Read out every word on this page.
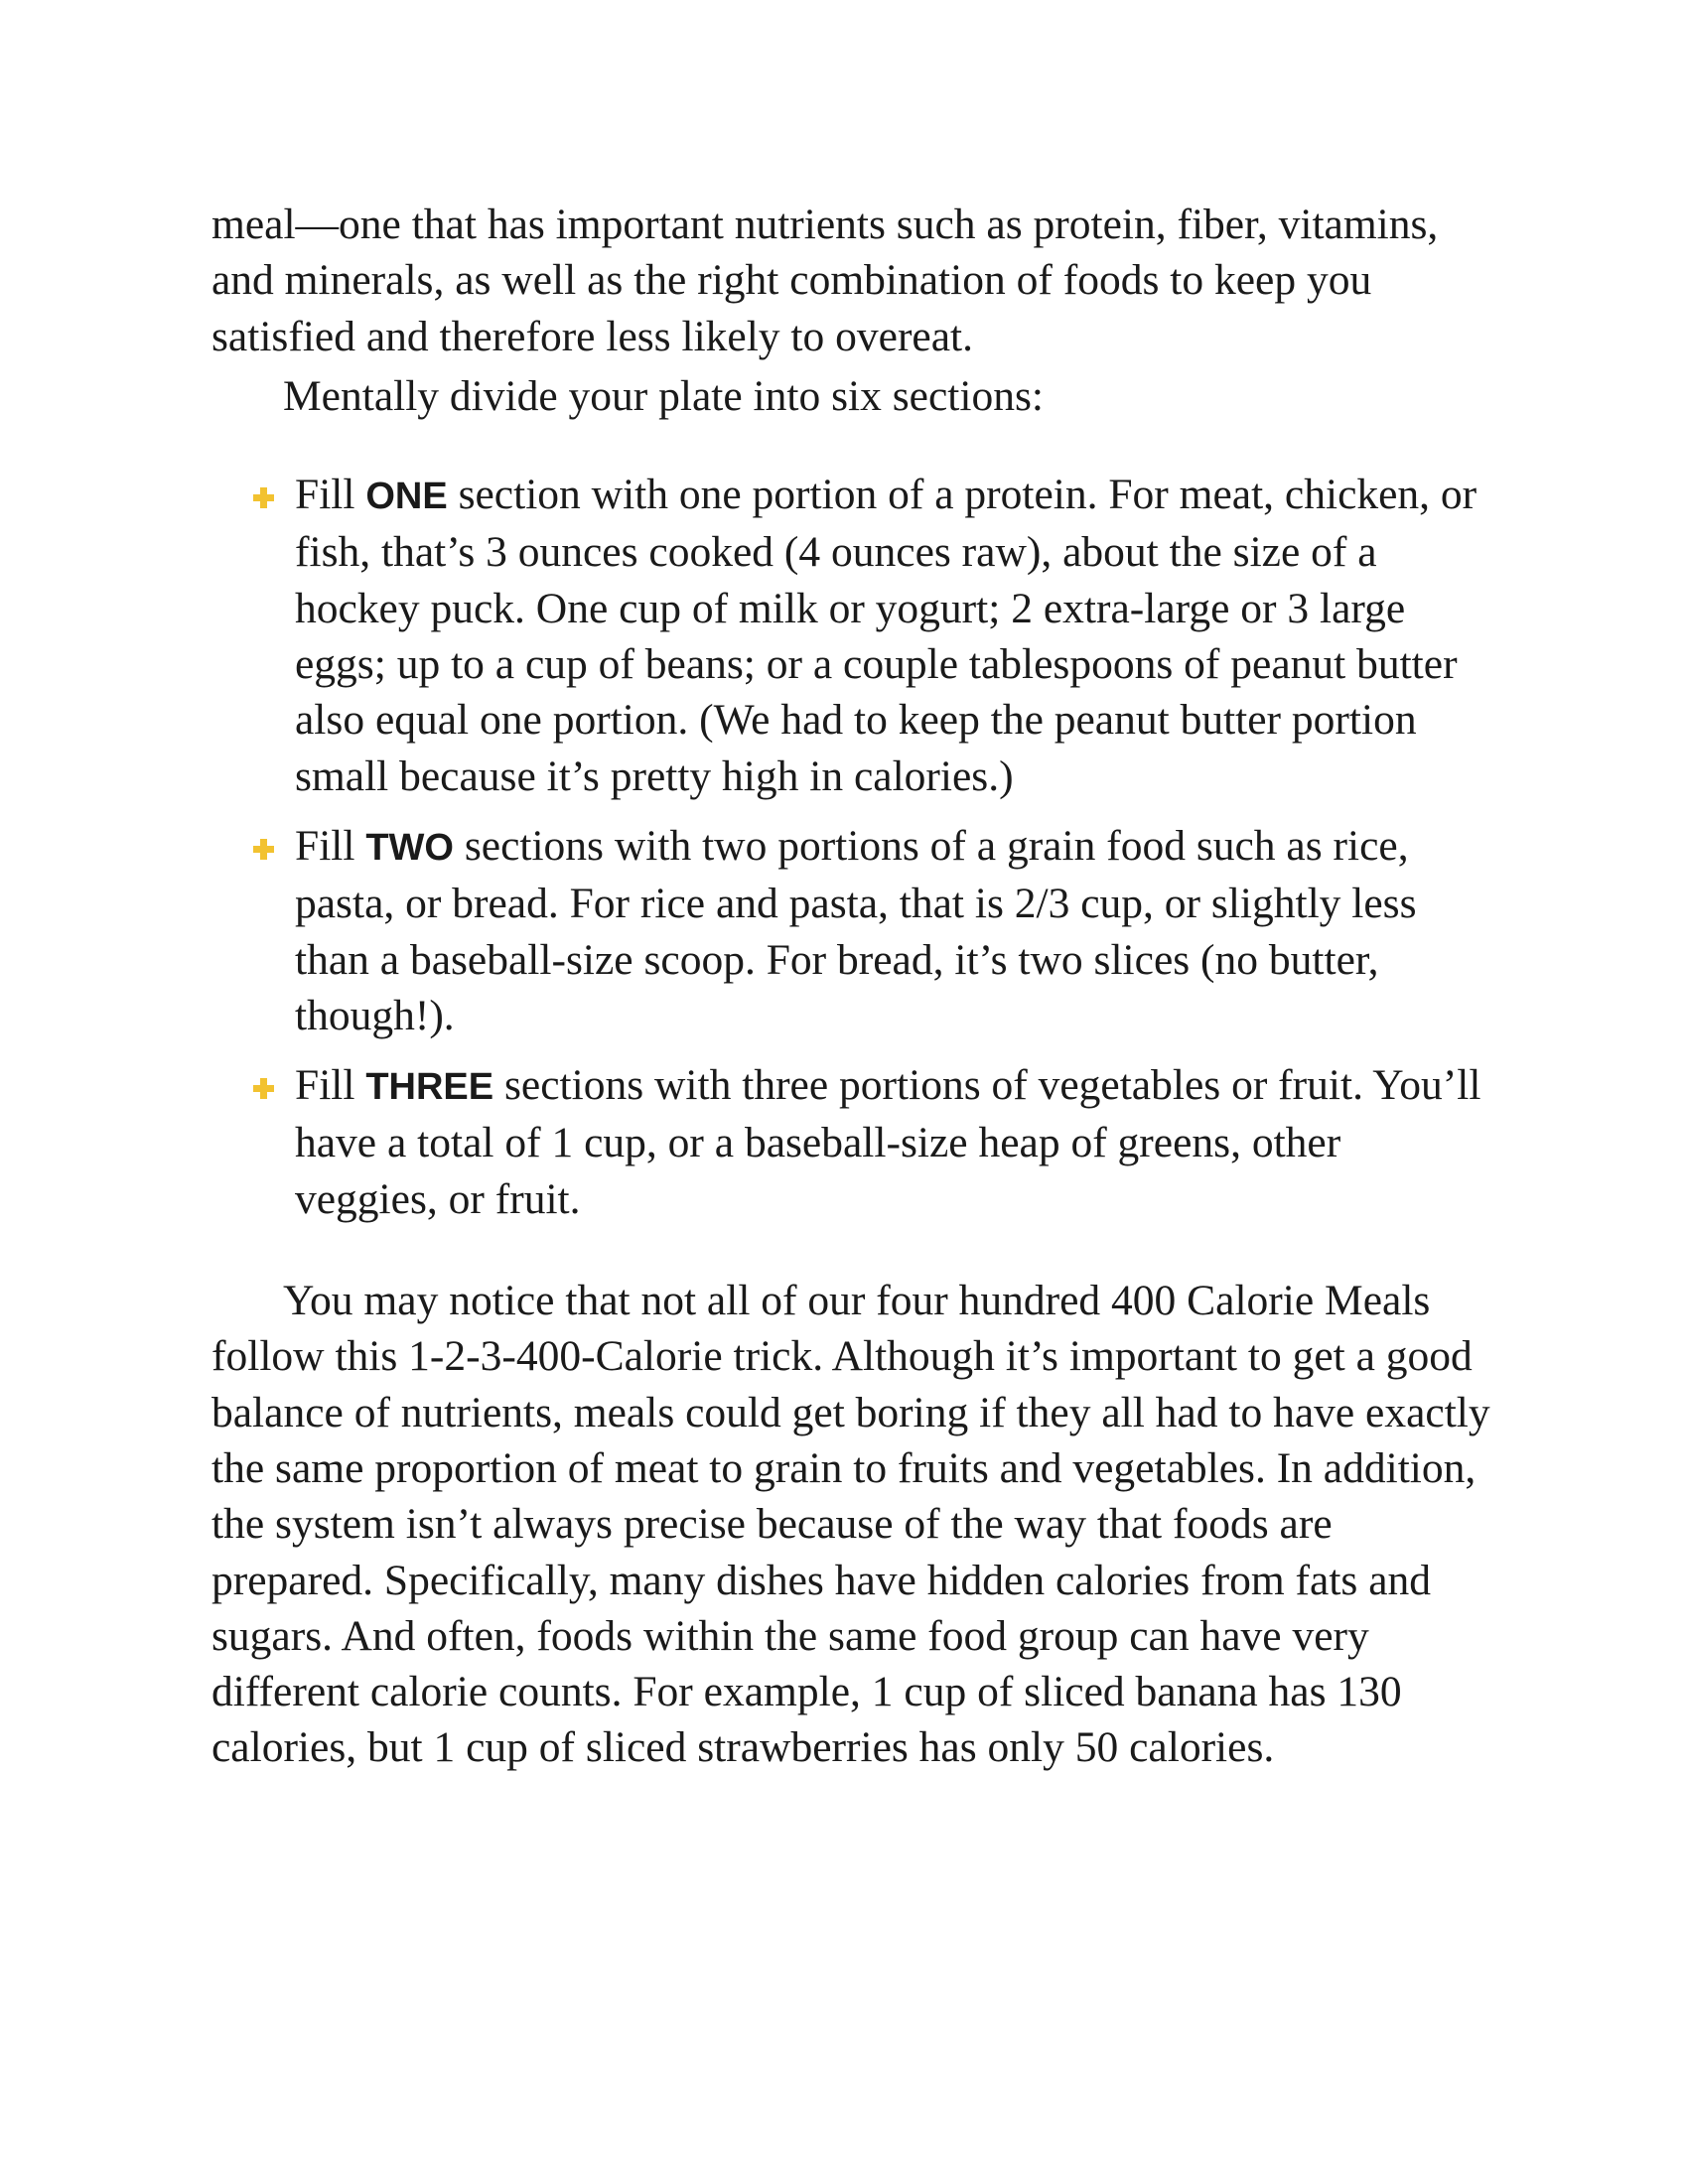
meal—one that has important nutrients such as protein, fiber, vitamins, and minerals, as well as the right combination of foods to keep you satisfied and therefore less likely to overeat.

Mentally divide your plate into six sections:

Fill ONE section with one portion of a protein. For meat, chicken, or fish, that’s 3 ounces cooked (4 ounces raw), about the size of a hockey puck. One cup of milk or yogurt; 2 extra-large or 3 large eggs; up to a cup of beans; or a couple tablespoons of peanut butter also equal one portion. (We had to keep the peanut butter portion small because it’s pretty high in calories.)
Fill TWO sections with two portions of a grain food such as rice, pasta, or bread. For rice and pasta, that is 2/3 cup, or slightly less than a baseball-size scoop. For bread, it’s two slices (no butter, though!).
Fill THREE sections with three portions of vegetables or fruit. You’ll have a total of 1 cup, or a baseball-size heap of greens, other veggies, or fruit.

You may notice that not all of our four hundred 400 Calorie Meals follow this 1-2-3-400-Calorie trick. Although it’s important to get a good balance of nutrients, meals could get boring if they all had to have exactly the same proportion of meat to grain to fruits and vegetables. In addition, the system isn’t always precise because of the way that foods are prepared. Specifically, many dishes have hidden calories from fats and sugars. And often, foods within the same food group can have very different calorie counts. For example, 1 cup of sliced banana has 130 calories, but 1 cup of sliced strawberries has only 50 calories.
